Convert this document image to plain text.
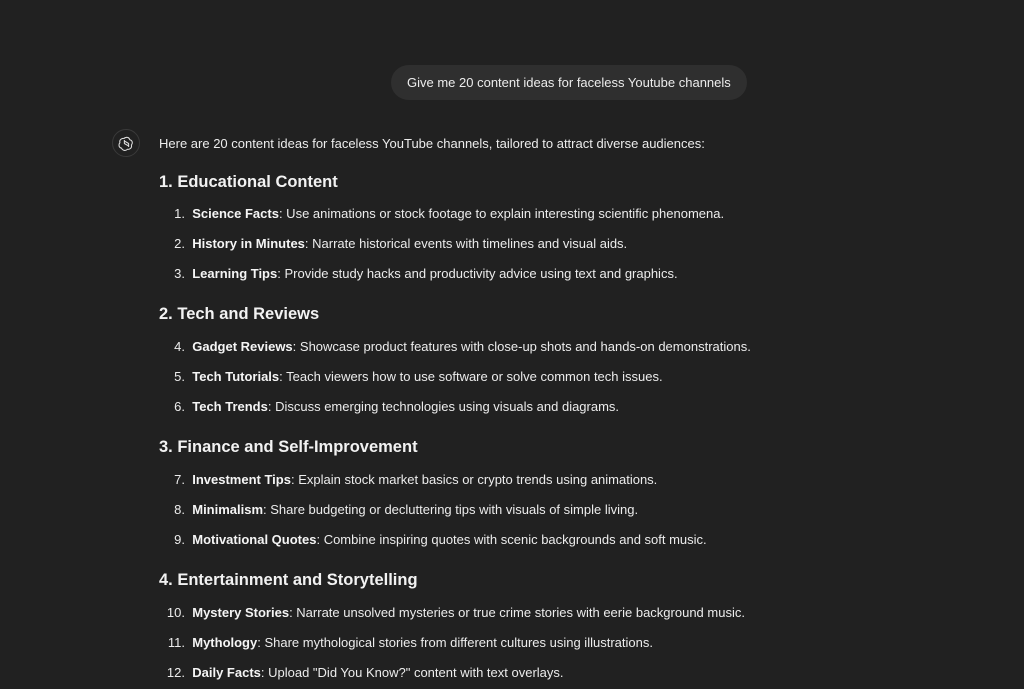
Give me 20 content ideas for faceless Youtube channels

Here are 20 content ideas for faceless YouTube channels, tailored to attract diverse audiences:

1. Educational Content
1. Science Facts: Use animations or stock footage to explain interesting scientific phenomena.
2. History in Minutes: Narrate historical events with timelines and visual aids.
3. Learning Tips: Provide study hacks and productivity advice using text and graphics.
2. Tech and Reviews
4. Gadget Reviews: Showcase product features with close-up shots and hands-on demonstrations.
5. Tech Tutorials: Teach viewers how to use software or solve common tech issues.
6. Tech Trends: Discuss emerging technologies using visuals and diagrams.
3. Finance and Self-Improvement
7. Investment Tips: Explain stock market basics or crypto trends using animations.
8. Minimalism: Share budgeting or decluttering tips with visuals of simple living.
9. Motivational Quotes: Combine inspiring quotes with scenic backgrounds and soft music.
4. Entertainment and Storytelling
10. Mystery Stories: Narrate unsolved mysteries or true crime stories with eerie background music.
11. Mythology: Share mythological stories from different cultures using illustrations.
12. Daily Facts: Upload "Did You Know?" content with text overlays.
